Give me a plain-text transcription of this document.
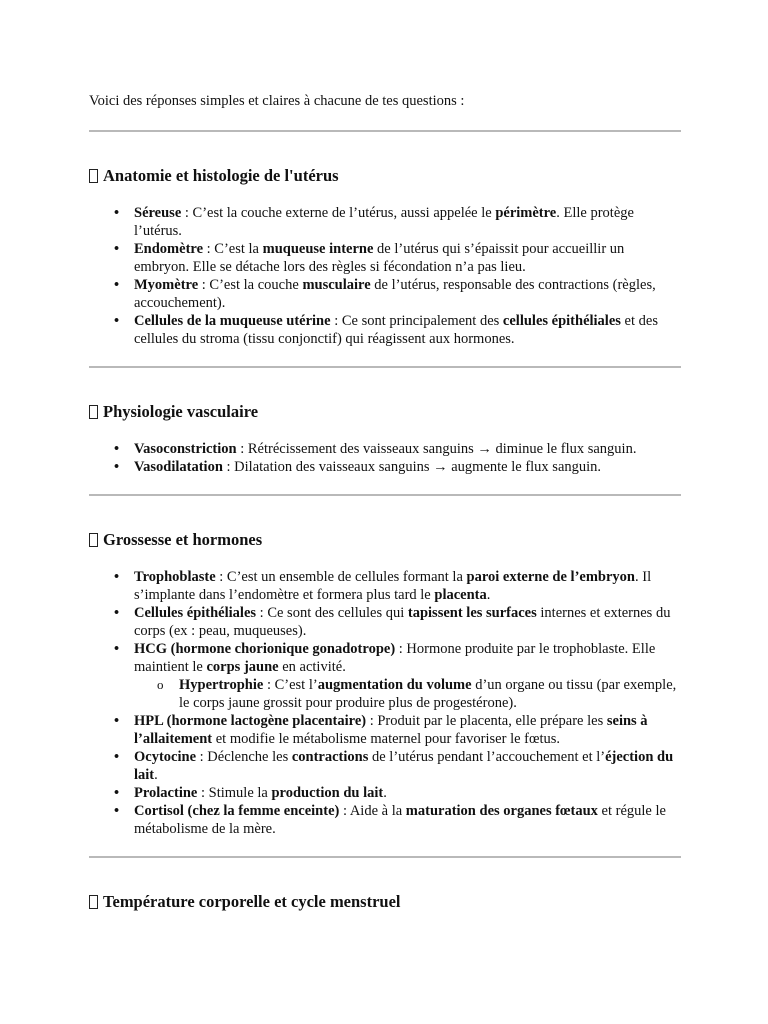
Voici des réponses simples et claires à chacune de tes questions :

Anatomie et histologie de l'utérus
• Séreuse : C’est la couche externe de l’utérus, aussi appelée le périmètre. Elle protège l’utérus.
• Endomètre : C’est la muqueuse interne de l’utérus qui s’épaissit pour accueillir un embryon. Elle se détache lors des règles si fécondation n’a pas lieu.
• Myomètre : C’est la couche musculaire de l’utérus, responsable des contractions (règles, accouchement).
• Cellules de la muqueuse utérine : Ce sont principalement des cellules épithéliales et des cellules du stroma (tissu conjonctif) qui réagissent aux hormones.
Physiologie vasculaire
• Vasoconstriction : Rétrécissement des vaisseaux sanguins → diminue le flux sanguin.
• Vasodilatation : Dilatation des vaisseaux sanguins → augmente le flux sanguin.
Grossesse et hormones
• Trophoblaste : C’est un ensemble de cellules formant la paroi externe de l’embryon. Il s’implante dans l’endomètre et formera plus tard le placenta.
• Cellules épithéliales : Ce sont des cellules qui tapissent les surfaces internes et externes du corps (ex : peau, muqueuses).
• HCG (hormone chorionique gonadotrope) : Hormone produite par le trophoblaste. Elle maintient le corps jaune en activité.
o Hypertrophie : C’est l’augmentation du volume d’un organe ou tissu (par exemple, le corps jaune grossit pour produire plus de progestérone).
• HPL (hormone lactogène placentaire) : Produit par le placenta, elle prépare les seins à l’allaitement et modifie le métabolisme maternel pour favoriser le fœtus.
• Ocytocine : Déclenche les contractions de l’utérus pendant l’accouchement et l’éjection du lait.
• Prolactine : Stimule la production du lait.
• Cortisol (chez la femme enceinte) : Aide à la maturation des organes fœtaux et régule le métabolisme de la mère.
Température corporelle et cycle menstruel
